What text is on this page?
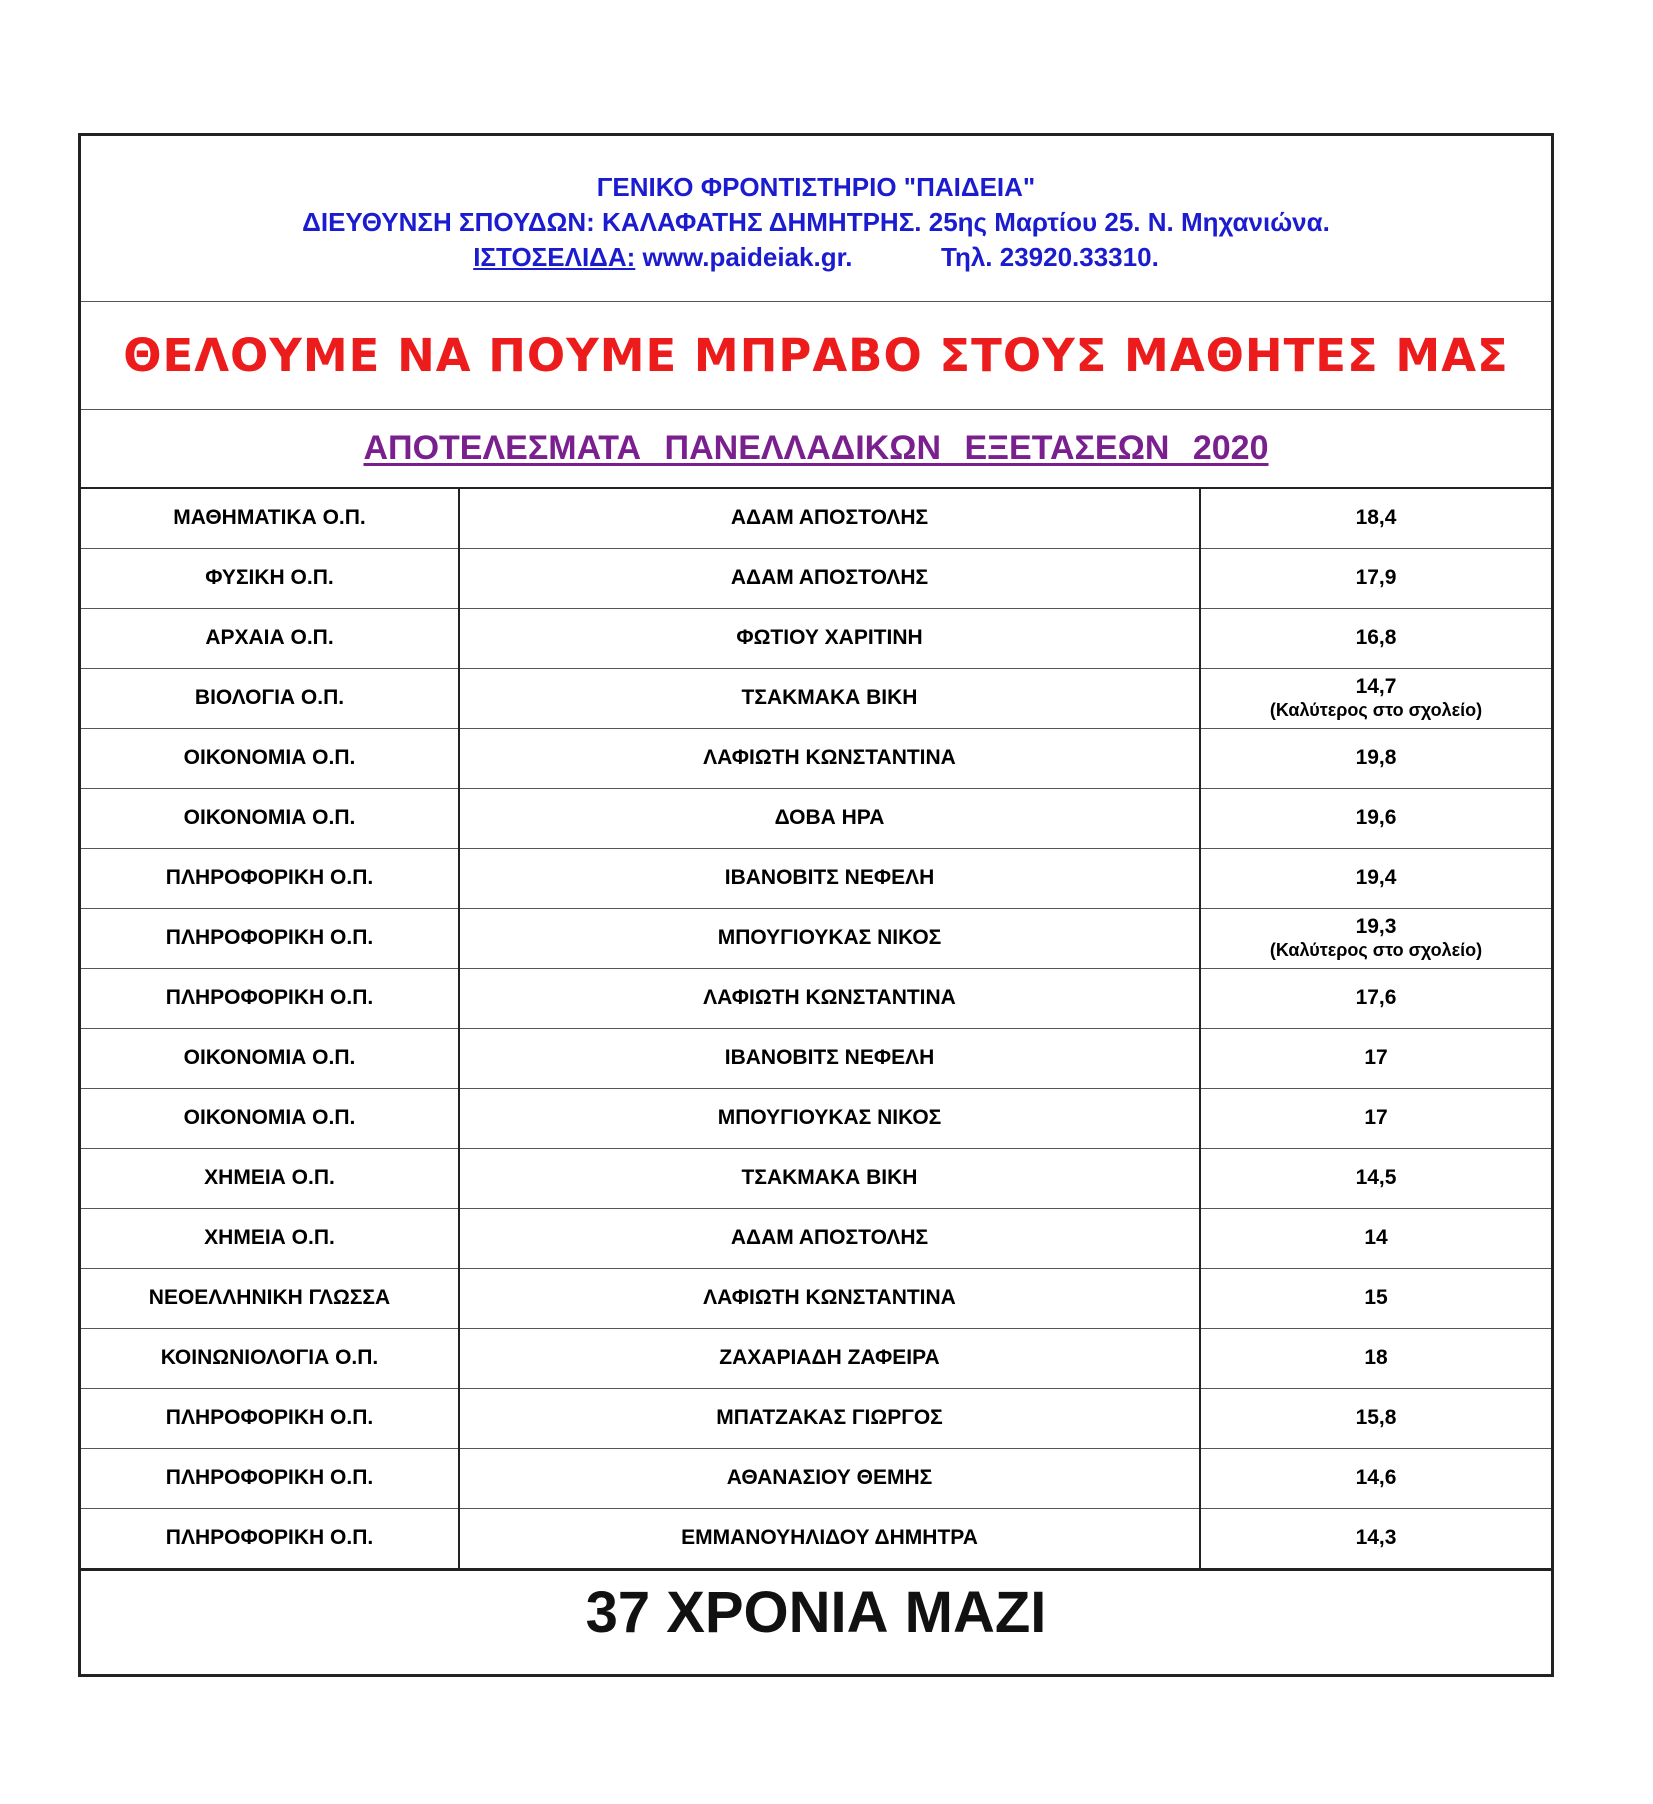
ΓΕΝΙΚΟ ΦΡΟΝΤΙΣΤΗΡΙΟ "ΠΑΙΔΕΙΑ"
ΔΙΕΥΘΥΝΣΗ ΣΠΟΥΔΩΝ: ΚΑΛΑΦΑΤΗΣ ΔΗΜΗΤΡΗΣ. 25ης Μαρτίου 25. Ν. Μηχανιώνα.
ΙΣΤΟΣΕΛΙΔΑ: www.paideiak.gr.	Τηλ. 23920.33310.
ΘΕΛΟΥΜΕ ΝΑ ΠΟΥΜΕ ΜΠΡΑΒΟ ΣΤΟΥΣ ΜΑΘΗΤΕΣ ΜΑΣ
ΑΠΟΤΕΛΕΣΜΑΤΑ ΠΑΝΕΛΛΑΔΙΚΩΝ ΕΞΕΤΑΣΕΩΝ 2020
ΜΑΘΗΜΑΤΙΚΑ Ο.Π.	ΑΔΑΜ ΑΠΟΣΤΟΛΗΣ	18,4

ΦΥΣΙΚΗ Ο.Π.	ΑΔΑΜ ΑΠΟΣΤΟΛΗΣ	17,9

ΑΡΧΑΙΑ Ο.Π.	ΦΩΤΙΟΥ ΧΑΡΙΤΙΝΗ	16,8

ΒΙΟΛΟΓΙΑ Ο.Π.	ΤΣΑΚΜΑΚΑ ΒΙΚΗ	14,7
(Καλύτερος στο σχολείο)

ΟΙΚΟΝΟΜΙΑ Ο.Π.	ΛΑΦΙΩΤΗ ΚΩΝΣΤΑΝΤΙΝΑ	19,8

ΟΙΚΟΝΟΜΙΑ Ο.Π.	ΔΟΒΑ ΗΡΑ	19,6

ΠΛΗΡΟΦΟΡΙΚΗ Ο.Π.	ΙΒΑΝΟΒΙΤΣ ΝΕΦΕΛΗ	19,4

ΠΛΗΡΟΦΟΡΙΚΗ Ο.Π.	ΜΠΟΥΓΙΟΥΚΑΣ ΝΙΚΟΣ	19,3
(Καλύτερος στο σχολείο)

ΠΛΗΡΟΦΟΡΙΚΗ Ο.Π.	ΛΑΦΙΩΤΗ ΚΩΝΣΤΑΝΤΙΝΑ	17,6

ΟΙΚΟΝΟΜΙΑ Ο.Π.	ΙΒΑΝΟΒΙΤΣ ΝΕΦΕΛΗ	17

ΟΙΚΟΝΟΜΙΑ Ο.Π.	ΜΠΟΥΓΙΟΥΚΑΣ ΝΙΚΟΣ	17

ΧΗΜΕΙΑ Ο.Π.	ΤΣΑΚΜΑΚΑ ΒΙΚΗ	14,5

ΧΗΜΕΙΑ Ο.Π.	ΑΔΑΜ ΑΠΟΣΤΟΛΗΣ	14

ΝΕΟΕΛΛΗΝΙΚΗ ΓΛΩΣΣΑ	ΛΑΦΙΩΤΗ ΚΩΝΣΤΑΝΤΙΝΑ	15

ΚΟΙΝΩΝΙΟΛΟΓΙΑ Ο.Π.	ΖΑΧΑΡΙΑΔΗ ΖΑΦΕΙΡΑ	18

ΠΛΗΡΟΦΟΡΙΚΗ Ο.Π.	ΜΠΑΤΖΑΚΑΣ ΓΙΩΡΓΟΣ	15,8

ΠΛΗΡΟΦΟΡΙΚΗ Ο.Π.	ΑΘΑΝΑΣΙΟΥ ΘΕΜΗΣ	14,6

ΠΛΗΡΟΦΟΡΙΚΗ Ο.Π.	ΕΜΜΑΝΟΥΗΛΙΔΟΥ ΔΗΜΗΤΡΑ	14,3
37 ΧΡΟΝΙΑ ΜΑΖΙ
